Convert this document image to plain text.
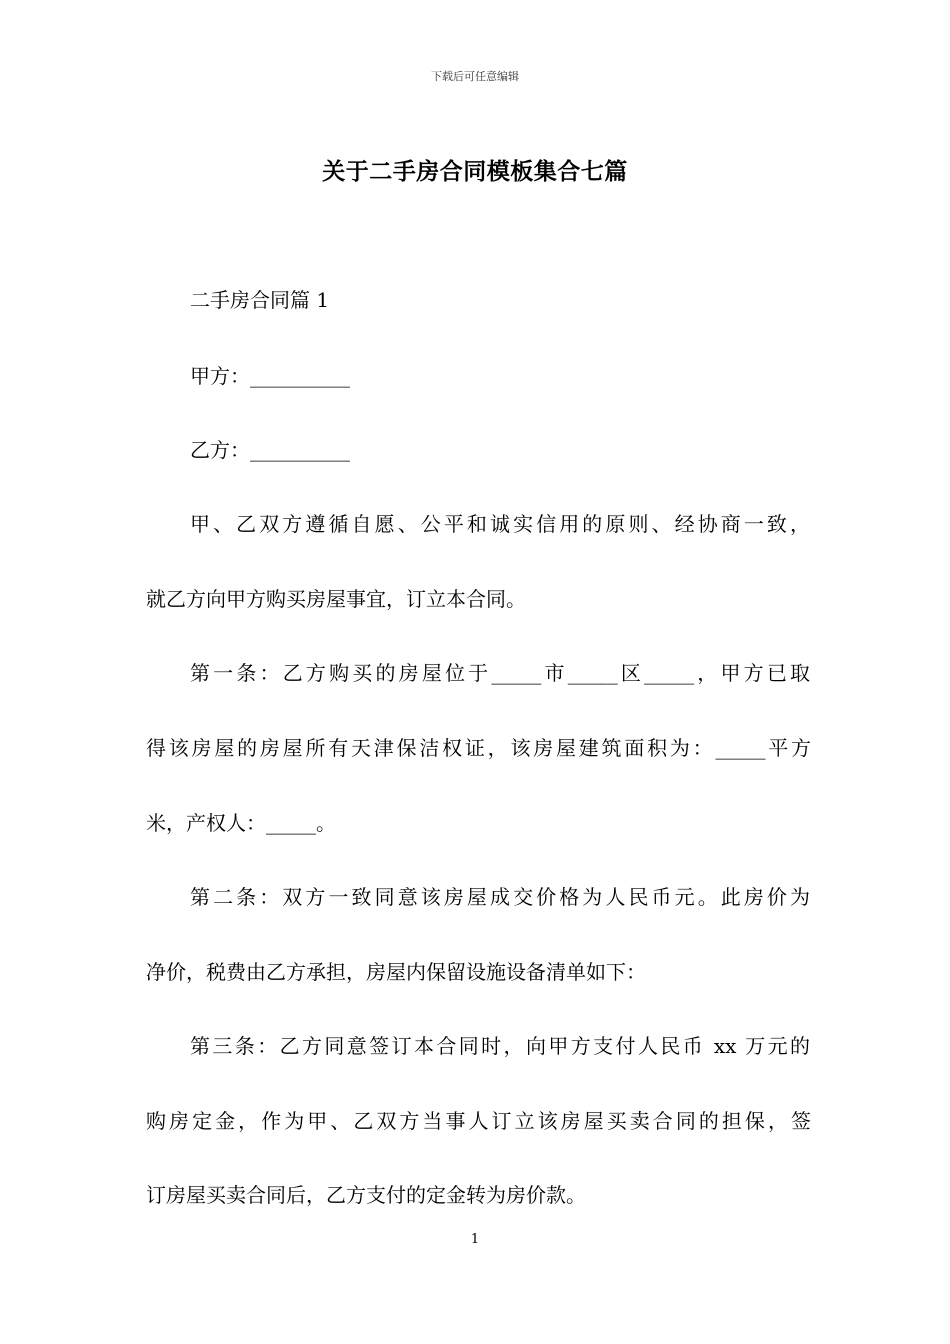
下载后可任意编辑
关于二手房合同模板集合七篇
二手房合同篇 1
甲方：__________
乙方：__________
甲、乙双方遵循自愿、公平和诚实信用的原则、经协商一致，
就乙方向甲方购买房屋事宜，订立本合同。
第一条：乙方购买的房屋位于_____市_____区_____，甲方已取
得该房屋的房屋所有天津保洁权证，该房屋建筑面积为：_____平方
米，产权人：_____。
第二条：双方一致同意该房屋成交价格为人民币元。此房价为
净价，税费由乙方承担，房屋内保留设施设备清单如下：
第三条：乙方同意签订本合同时，向甲方支付人民币 xx 万元的
购房定金，作为甲、乙双方当事人订立该房屋买卖合同的担保，签
订房屋买卖合同后，乙方支付的定金转为房价款。
1
